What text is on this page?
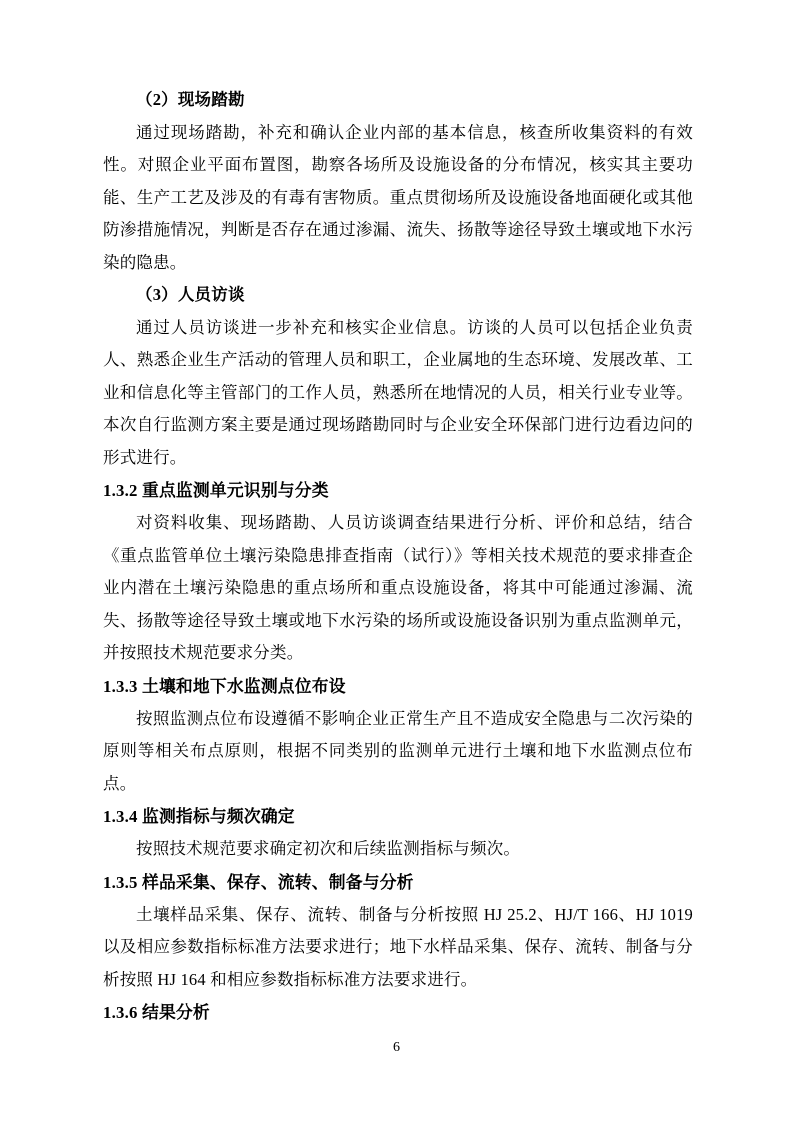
（2）现场踏勘

通过现场踏勘，补充和确认企业内部的基本信息，核查所收集资料的有效性。对照企业平面布置图，勘察各场所及设施设备的分布情况，核实其主要功能、生产工艺及涉及的有毒有害物质。重点贯彻场所及设施设备地面硬化或其他防渗措施情况，判断是否存在通过渗漏、流失、扬散等途径导致土壤或地下水污染的隐患。

（3）人员访谈

通过人员访谈进一步补充和核实企业信息。访谈的人员可以包括企业负责人、熟悉企业生产活动的管理人员和职工，企业属地的生态环境、发展改革、工业和信息化等主管部门的工作人员，熟悉所在地情况的人员，相关行业专业等。本次自行监测方案主要是通过现场踏勘同时与企业安全环保部门进行边看边问的形式进行。

1.3.2 重点监测单元识别与分类

对资料收集、现场踏勘、人员访谈调查结果进行分析、评价和总结，结合《重点监管单位土壤污染隐患排查指南（试行）》等相关技术规范的要求排查企业内潜在土壤污染隐患的重点场所和重点设施设备，将其中可能通过渗漏、流失、扬散等途径导致土壤或地下水污染的场所或设施设备识别为重点监测单元，并按照技术规范要求分类。

1.3.3 土壤和地下水监测点位布设

按照监测点位布设遵循不影响企业正常生产且不造成安全隐患与二次污染的原则等相关布点原则，根据不同类别的监测单元进行土壤和地下水监测点位布点。

1.3.4 监测指标与频次确定

按照技术规范要求确定初次和后续监测指标与频次。

1.3.5 样品采集、保存、流转、制备与分析

土壤样品采集、保存、流转、制备与分析按照 HJ 25.2、HJ/T 166、HJ 1019 以及相应参数指标标准方法要求进行；地下水样品采集、保存、流转、制备与分析按照 HJ 164 和相应参数指标标准方法要求进行。

1.3.6 结果分析

6
